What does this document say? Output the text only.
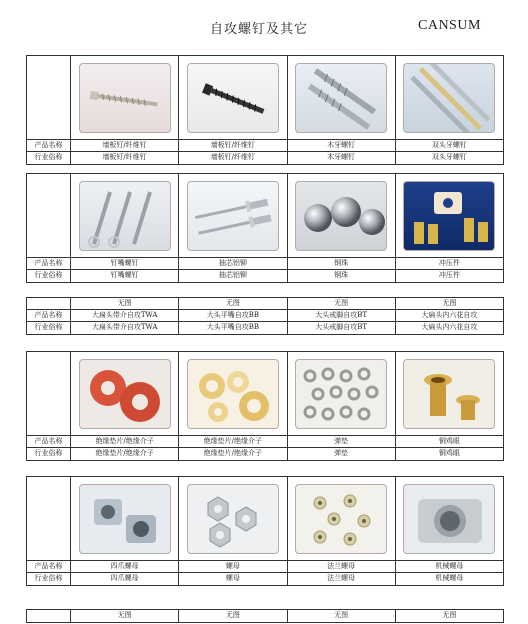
自攻螺钉及其它	CANSUM
产品名称	墙板钉/纤维钉	墙板钉/纤维钉	木牙螺钉	双头牙螺钉
行业俗称	墙板钉/纤维钉	墙板钉/纤维钉	木牙螺钉	双头牙螺钉
产品名称	钉嘴螺钉	抽芯铝铆	钢珠	冲压件
行业俗称	钉嘴螺钉	抽芯铝铆	钢珠	冲压件
无图	无图	无图	无图
产品名称	大扁头带介自攻TWA	大头平嘴自攻BB	大头戒脚自攻BT	大扁头内六花自攻
行业俗称	大扁头带介自攻TWA	大头平嘴自攻BB	大头戒脚自攻BT	大扁头内六花自攻
产品名称	绝缘垫片/绝缘介子	绝缘垫片/绝缘介子	弹垫	铜鸡眼
行业俗称	绝缘垫片/绝缘介子	绝缘垫片/绝缘介子	弹垫	铜鸡眼
产品名称	四爪螺母	螺母	法兰螺母	机械螺母
行业俗称	四爪螺母	螺母	法兰螺母	机械螺母
无图	无图	无图	无图
